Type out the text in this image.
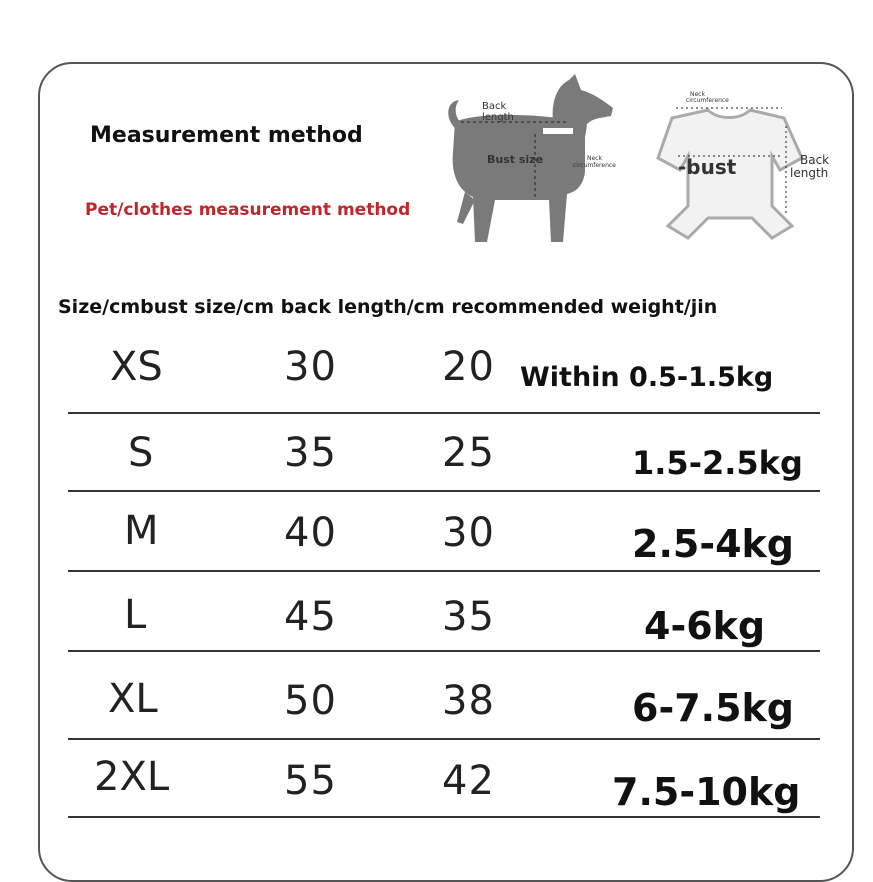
Measurement method
Pet/clothes measurement method
Back
length
Bust size	Neck
circumference
Neck
circumference
-bust	Back
length
Size/cmbust size/cm back length/cm recommended weight/jin
XS	30	20 Within 0.5-1.5kg
S	35	25	1.5-2.5kg
M	40	30	2.5-4kg
L	45	35	4-6kg
XL	50	38	6-7.5kg
2XL	55	42	7.5-10kg
